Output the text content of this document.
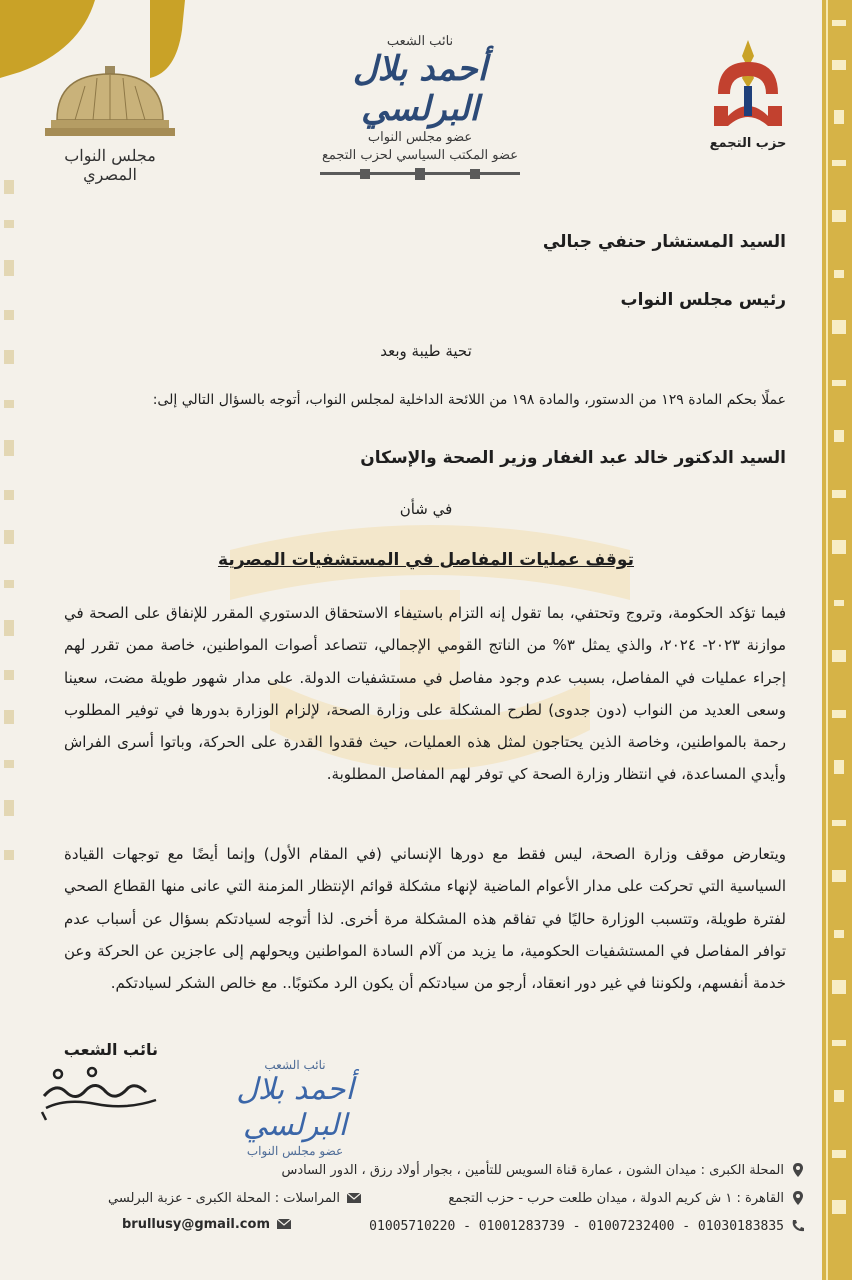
مجلس النواب المصري
نائب الشعب
أحمد بلال البرلسي
عضو مجلس النواب
عضو المكتب السياسي لحزب التجمع
حزب التجمع
السيد المستشار حنفي جبالي
رئيس مجلس النواب
تحية طيبة وبعد
عملًا بحكم المادة ١٢٩ من الدستور، والمادة ١٩٨ من اللائحة الداخلية لمجلس النواب، أتوجه بالسؤال التالي إلى:
السيد الدكتور خالد عبد الغفار وزير الصحة والإسكان
في شأن
توقف عمليات المفاصل في المستشفيات المصرية
فيما تؤكد الحكومة، وتروج وتحتفي، بما تقول إنه التزام باستيفاء الاستحقاق الدستوري المقرر للإنفاق على الصحة في موازنة ٢٠٢٣- ٢٠٢٤، والذي يمثل ٣% من الناتج القومي الإجمالي، تتصاعد أصوات المواطنين، خاصة ممن تقرر لهم إجراء عمليات في المفاصل، بسبب عدم وجود مفاصل في مستشفيات الدولة. على مدار شهور طويلة مضت، سعينا وسعى العديد من النواب (دون جدوى) لطرح المشكلة على وزارة الصحة، لإلزام الوزارة بدورها في توفير المطلوب رحمة بالمواطنين، وخاصة الذين يحتاجون لمثل هذه العمليات، حيث فقدوا القدرة على الحركة، وباتوا أسرى الفراش وأيدي المساعدة، في انتظار وزارة الصحة كي توفر لهم المفاصل المطلوبة.
ويتعارض موقف وزارة الصحة، ليس فقط مع دورها الإنساني (في المقام الأول) وإنما أيضًا مع توجهات القيادة السياسية التي تحركت على مدار الأعوام الماضية لإنهاء مشكلة قوائم الإنتظار المزمنة التي عانى منها القطاع الصحي لفترة طويلة، وتتسبب الوزارة حاليًا في تفاقم هذه المشكلة مرة أخرى. لذا أتوجه لسيادتكم بسؤال عن أسباب عدم توافر المفاصل في المستشفيات الحكومية، ما يزيد من آلام السادة المواطنين ويحولهم إلى عاجزين عن الحركة وعن خدمة أنفسهم، ولكوننا في غير دور انعقاد، أرجو من سيادتكم أن يكون الرد مكتوبًا.. مع خالص الشكر لسيادتكم.
نائب الشعب
نائب الشعب
أحمد بلال البرلسي
عضو مجلس النواب
المحلة الكبرى : ميدان الشون ، عمارة قناة السويس للتأمين ، بجوار أولاد رزق ، الدور السادس
القاهرة : ١ ش كريم الدولة ، ميدان طلعت حرب - حزب التجمع
01030183835 - 01007232400 - 01001283739 - 01005710220
المراسلات : المحلة الكبرى - عزبة البرلسي
brullusy@gmail.com
